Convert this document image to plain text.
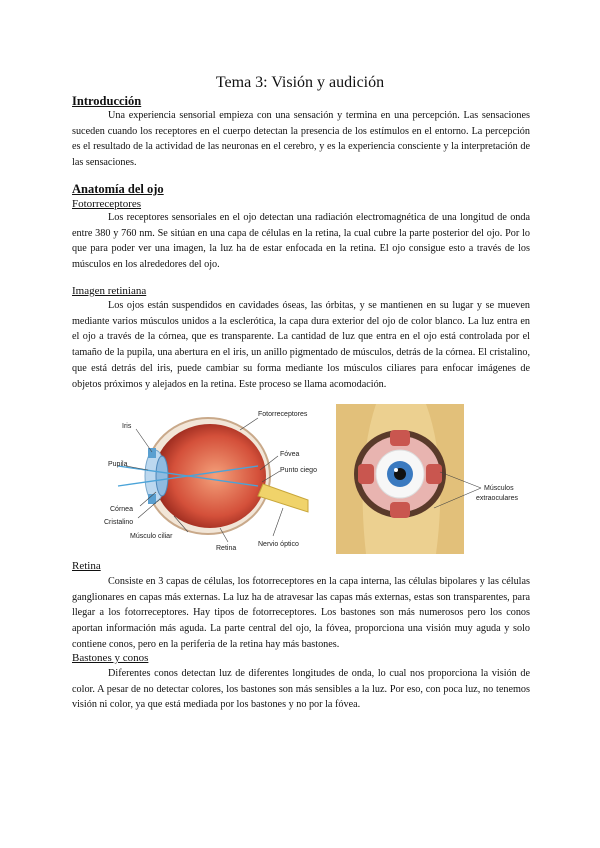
Tema 3: Visión y audición
Introducción

Una experiencia sensorial empieza con una sensación y termina en una percepción. Las sensaciones suceden cuando los receptores en el cuerpo detectan la presencia de los estímulos en el entorno. La percepción es el resultado de la actividad de las neuronas en el cerebro, y es la experiencia consciente y la interpretación de las sensaciones.

Anatomía del ojo
Fotorreceptores

Los receptores sensoriales en el ojo detectan una radiación electromagnética de una longitud de onda entre 380 y 760 nm. Se sitúan en una capa de células en la retina, la cual cubre la parte posterior del ojo. Por lo que para poder ver una imagen, la luz ha de estar enfocada en la retina. El ojo consigue esto a través de los músculos en los alrededores del ojo.

Imagen retiniana

Los ojos están suspendidos en cavidades óseas, las órbitas, y se mantienen en su lugar y se mueven mediante varios músculos unidos a la esclerótica, la capa dura exterior del ojo de color blanco. La luz entra en el ojo a través de la córnea, que es transparente. La cantidad de luz que entra en el ojo está controlada por el tamaño de la pupila, una abertura en el iris, un anillo pigmentado de músculos, detrás de la córnea. El cristalino, que está detrás del iris, puede cambiar su forma mediante los músculos ciliares para enfocar imágenes de objetos próximos y alejados en la retina. Este proceso se llama acomodación.

Fotorreceptores
Iris
Fóvea
Pupila
Punto ciego
Córnea
Cristalino
Músculo ciliar
Retina
Nervio óptico
Músculos
extraoculares
Retina

Consiste en 3 capas de células, los fotorreceptores en la capa interna, las células bipolares y las células ganglionares en capas más externas. La luz ha de atravesar las capas más externas, estas son transparentes, para llegar a los fotorreceptores. Hay tipos de fotorreceptores. Los bastones son más numerosos pero los conos aportan información más aguda. La parte central del ojo, la fóvea, proporciona una visión muy aguda y solo contiene conos, pero en la periferia de la retina hay más bastones.

Bastones y conos

Diferentes conos detectan luz de diferentes longitudes de onda, lo cual nos proporciona la visión de color. A pesar de no detectar colores, los bastones son más sensibles a la luz. Por eso, con poca luz, no tenemos visión ni color, ya que está mediada por los bastones y no por la fóvea.
